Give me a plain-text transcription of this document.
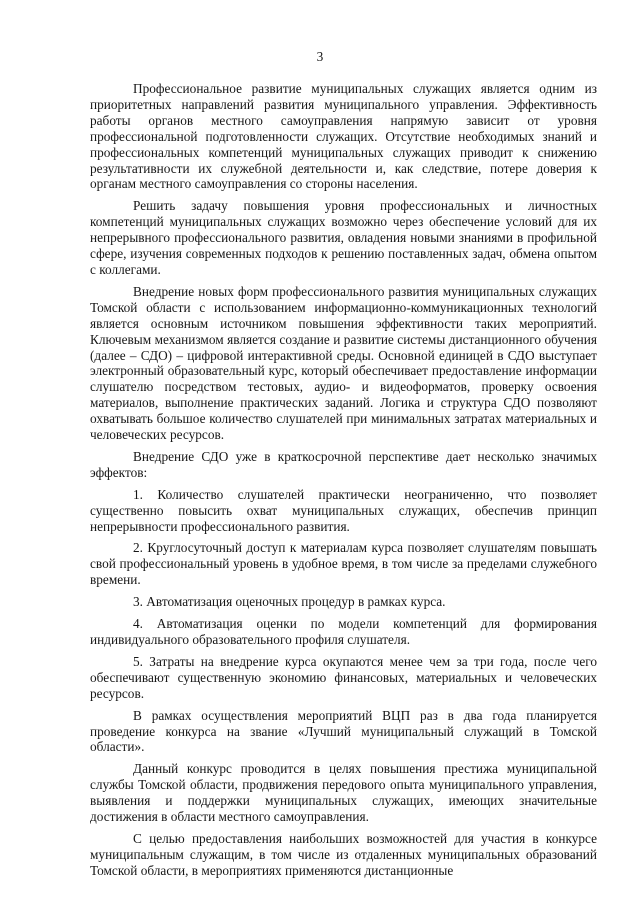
3

Профессиональное развитие муниципальных служащих является одним из приоритетных направлений развития муниципального управления. Эффективность работы органов местного самоуправления напрямую зависит от уровня профессиональной подготовленности служащих. Отсутствие необходимых знаний и профессиональных компетенций муниципальных служащих приводит к снижению результативности их служебной деятельности и, как следствие, потере доверия к органам местного самоуправления со стороны населения.

Решить задачу повышения уровня профессиональных и личностных компетенций муниципальных служащих возможно через обеспечение условий для их непрерывного профессионального развития, овладения новыми знаниями в профильной сфере, изучения современных подходов к решению поставленных задач, обмена опытом с коллегами.

Внедрение новых форм профессионального развития муниципальных служащих Томской области с использованием информационно-коммуникационных технологий является основным источником повышения эффективности таких мероприятий. Ключевым механизмом является создание и развитие системы дистанционного обучения (далее – СДО) – цифровой интерактивной среды. Основной единицей в СДО выступает электронный образовательный курс, который обеспечивает предоставление информации слушателю посредством тестовых, аудио- и видеоформатов, проверку освоения материалов, выполнение практических заданий. Логика и структура СДО позволяют охватывать большое количество слушателей при минимальных затратах материальных и человеческих ресурсов.

Внедрение СДО уже в краткосрочной перспективе дает несколько значимых эффектов:

1. Количество слушателей практически неограниченно, что позволяет существенно повысить охват муниципальных служащих, обеспечив принцип непрерывности профессионального развития.

2. Круглосуточный доступ к материалам курса позволяет слушателям повышать свой профессиональный уровень в удобное время, в том числе за пределами служебного времени.

3. Автоматизация оценочных процедур в рамках курса.

4. Автоматизация оценки по модели компетенций для формирования индивидуального образовательного профиля слушателя.

5. Затраты на внедрение курса окупаются менее чем за три года, после чего обеспечивают существенную экономию финансовых, материальных и человеческих ресурсов.

В рамках осуществления мероприятий ВЦП раз в два года планируется проведение конкурса на звание «Лучший муниципальный служащий в Томской области».

Данный конкурс проводится в целях повышения престижа муниципальной службы Томской области, продвижения передового опыта муниципального управления, выявления и поддержки муниципальных служащих, имеющих значительные достижения в области местного самоуправления.

С целью предоставления наибольших возможностей для участия в конкурсе муниципальным служащим, в том числе из отдаленных муниципальных образований Томской области, в мероприятиях применяются дистанционные
